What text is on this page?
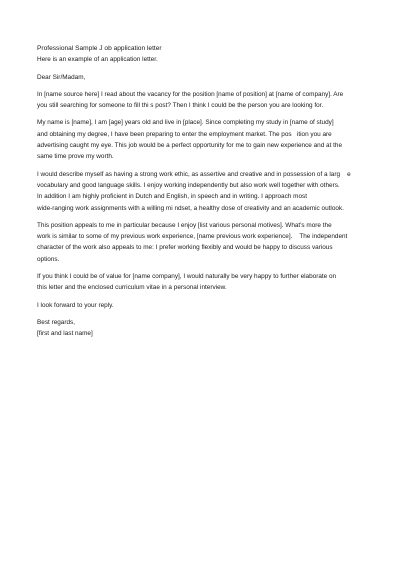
Professional Sample J ob application letter
Here is an example of an application letter.
Dear Sir/Madam,
In [name source here] I read about the vacancy for the position [name of position] at [name of company]. Are
you still searching for someone to fill thi s post? Then I think I could be the person you are looking for.
My name is [name], I am [age] years old and live in [place]. Since completing my study in [name of study]
and obtaining my degree, I have been preparing to enter the employment market. The pos   ition you are
advertising caught my eye. This job would be a perfect opportunity for me to gain new experience and at the
same time prove my worth.
I would describe myself as having a strong work ethic, as assertive and creative and in possession of a larg    e
vocabulary and good language skills. I enjoy working independently but also work well together with others.
In addition I am highly proficient in Dutch and English, in speech and in writing. I approach most
wide-ranging work assignments with a willing mi ndset, a healthy dose of creativity and an academic outlook.
This position appeals to me in particular because I enjoy [list various personal motives]. What's more the
work is similar to some of my previous work experience, [name previous work experience].    The independent
character of the work also appeals to me: I prefer working flexibly and would be happy to discuss various
options.
If you think I could be of value for [name company], I would naturally be very happy to further elaborate on
this letter and the enclosed curriculum vitae in a personal interview.
I look forward to your reply.
Best regards,
[first and last name]
